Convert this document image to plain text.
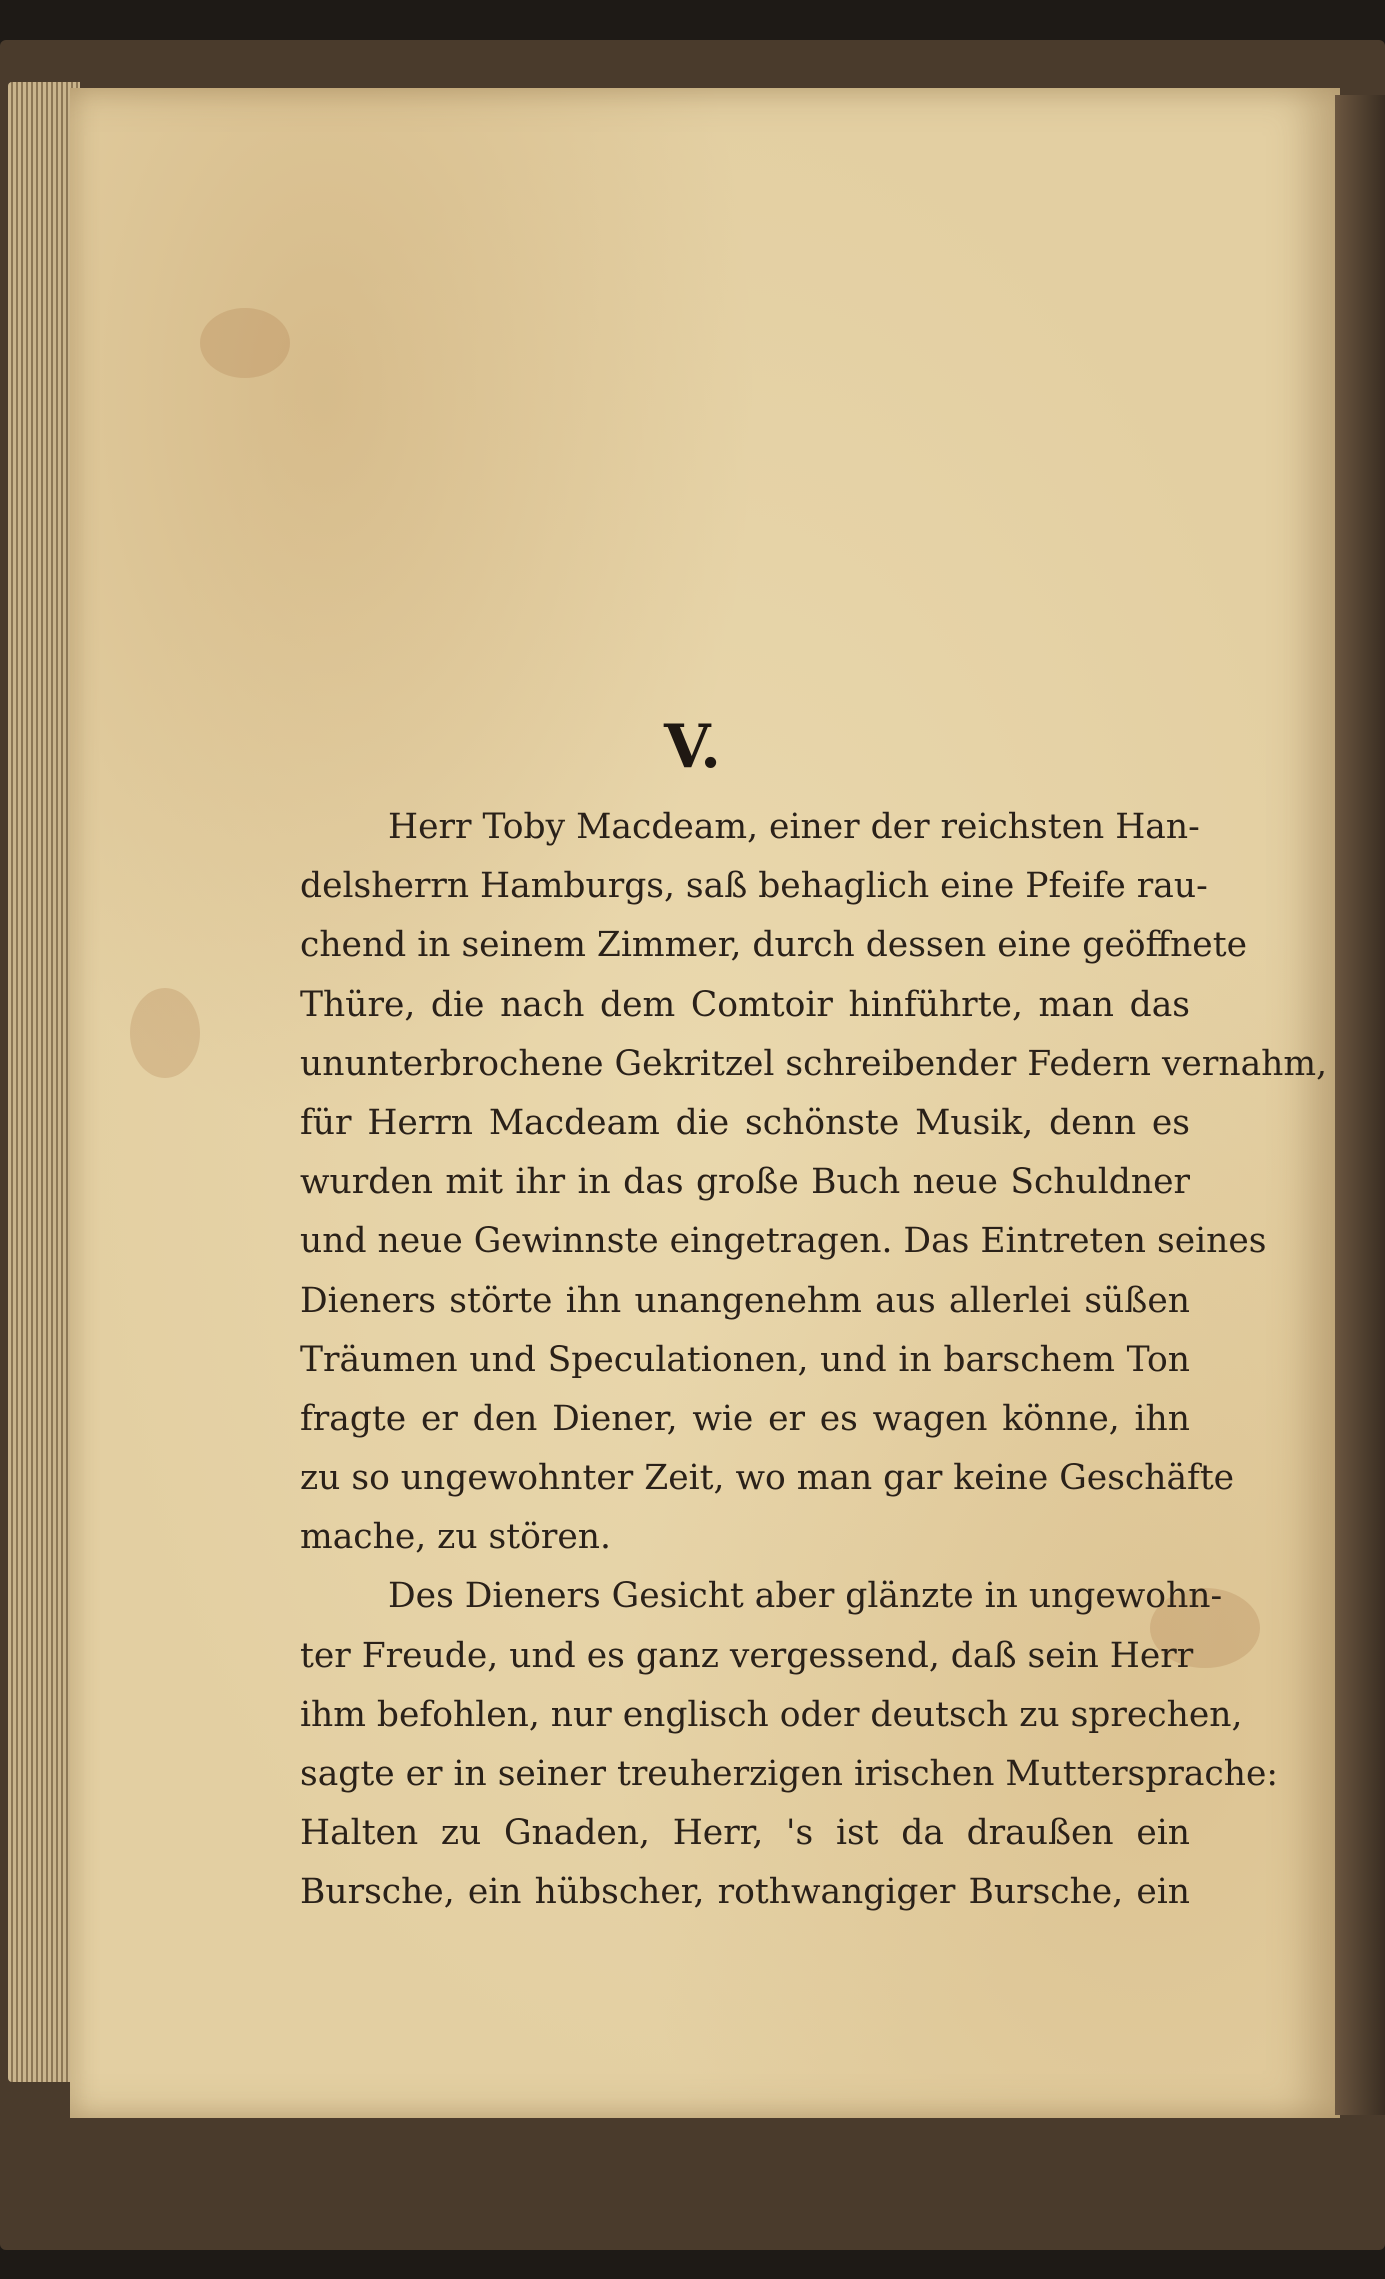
V.
Herr Toby Macdeam, einer der reichsten Han-
delsherrn Hamburgs, saß behaglich eine Pfeife rau-
chend in seinem Zimmer, durch dessen eine geöffnete
Thüre, die nach dem Comtoir hinführte, man das
ununterbrochene Gekritzel schreibender Federn vernahm,
für Herrn Macdeam die schönste Musik, denn es
wurden mit ihr in das große Buch neue Schuldner
und neue Gewinnste eingetragen. Das Eintreten seines
Dieners störte ihn unangenehm aus allerlei süßen
Träumen und Speculationen, und in barschem Ton
fragte er den Diener, wie er es wagen könne, ihn
zu so ungewohnter Zeit, wo man gar keine Geschäfte
mache, zu stören.
Des Dieners Gesicht aber glänzte in ungewohn-
ter Freude, und es ganz vergessend, daß sein Herr
ihm befohlen, nur englisch oder deutsch zu sprechen,
sagte er in seiner treuherzigen irischen Muttersprache:
Halten zu Gnaden, Herr, 's ist da draußen ein
Bursche, ein hübscher, rothwangiger Bursche, ein
